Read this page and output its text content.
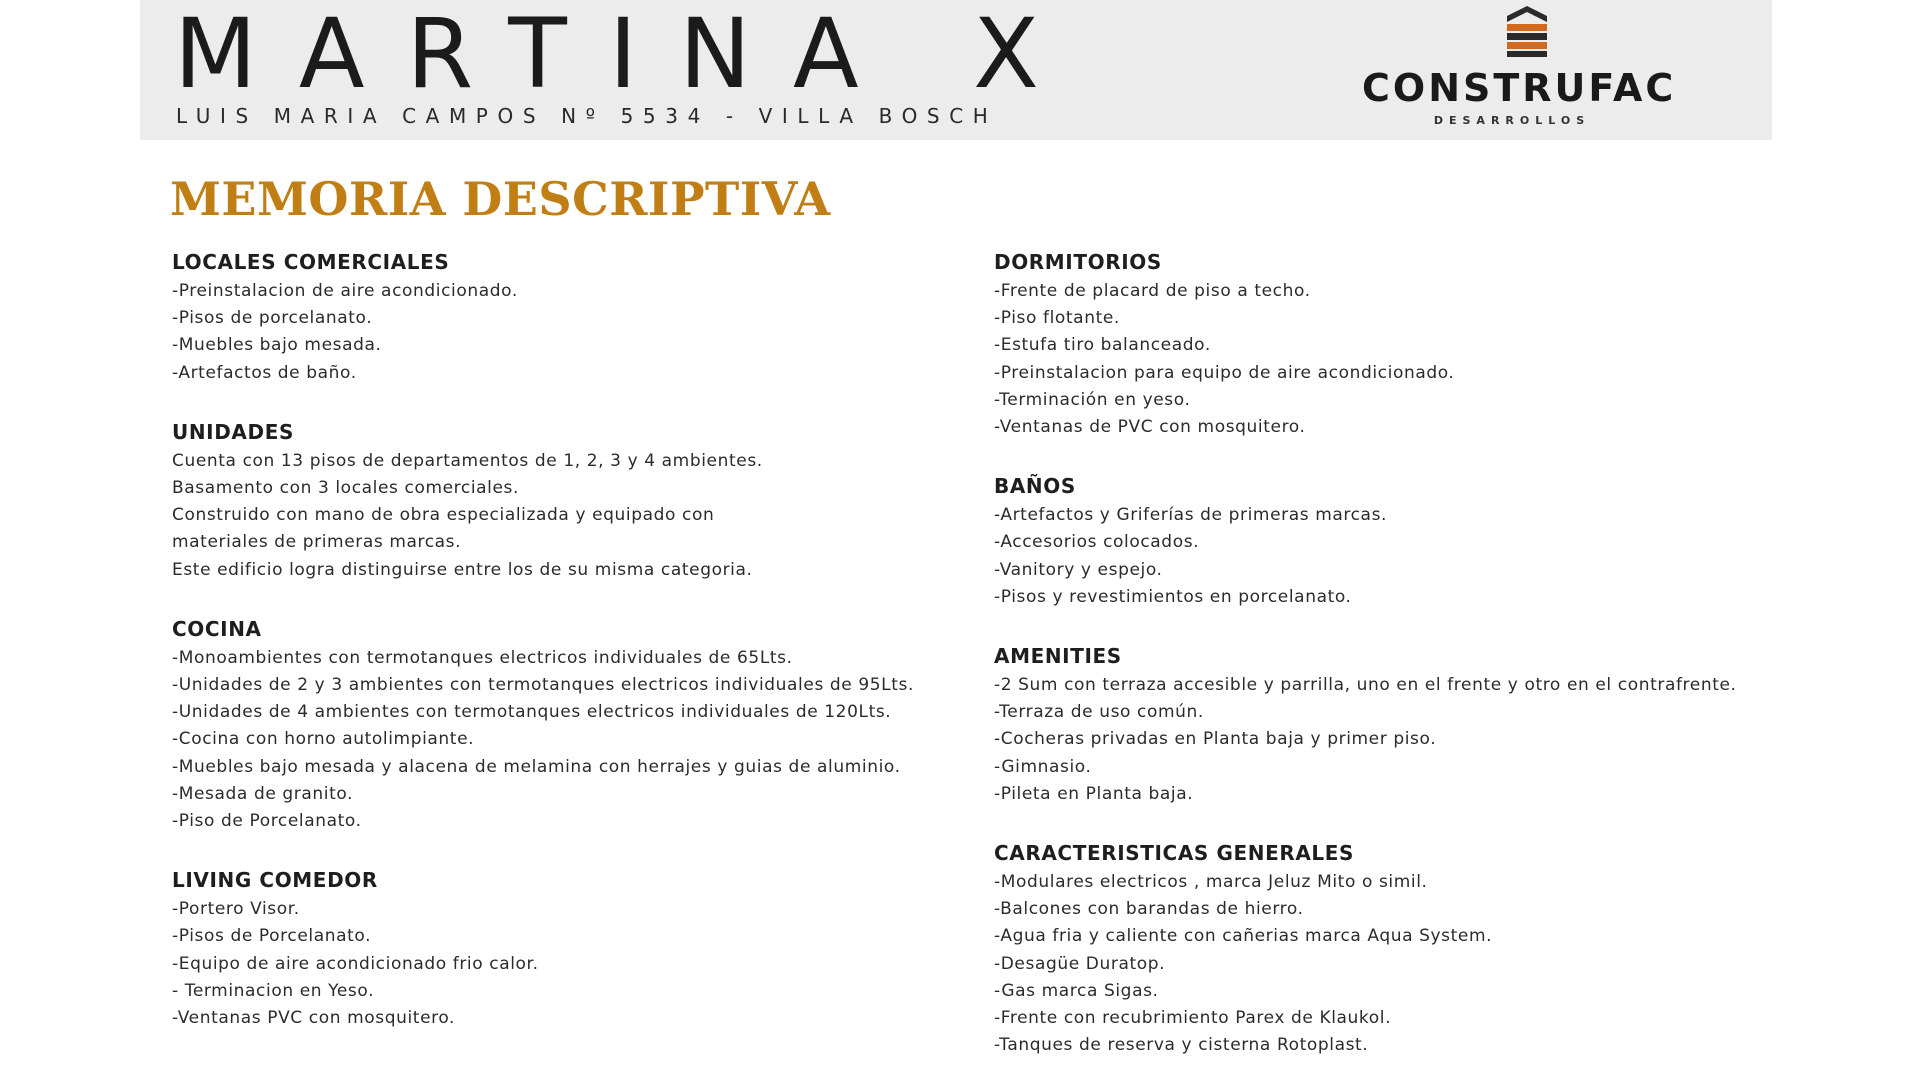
MARTINA X
LUIS MARIA CAMPOS Nº 5534 - VILLA BOSCH
CONSTRUFAC
DESARROLLOS
MEMORIA DESCRIPTIVA
LOCALES COMERCIALES
-Preinstalacion de aire acondicionado.
-Pisos de porcelanato.
-Muebles bajo mesada.
-Artefactos de baño.
UNIDADES
Cuenta con 13 pisos de departamentos de 1, 2, 3 y 4 ambientes.
Basamento con 3 locales comerciales.
Construido con mano de obra especializada y equipado con
materiales de primeras marcas.
Este edificio logra distinguirse entre los de su misma categoria.
COCINA
-Monoambientes con termotanques electricos individuales de 65Lts.
-Unidades de 2 y 3 ambientes con termotanques electricos individuales de 95Lts.
-Unidades de 4 ambientes con termotanques electricos individuales de 120Lts.
-Cocina con horno autolimpiante.
-Muebles bajo mesada y alacena de melamina con herrajes y guias de aluminio.
-Mesada de granito.
-Piso de Porcelanato.
LIVING COMEDOR
-Portero Visor.
-Pisos de Porcelanato.
-Equipo de aire acondicionado frio calor.
- Terminacion en Yeso.
-Ventanas PVC con mosquitero.
DORMITORIOS
-Frente de placard de piso a techo.
-Piso flotante.
-Estufa tiro balanceado.
-Preinstalacion para equipo de aire acondicionado.
-Terminación en yeso.
-Ventanas de PVC con mosquitero.
BAÑOS
-Artefactos y Griferías de primeras marcas.
-Accesorios colocados.
-Vanitory y espejo.
-Pisos y revestimientos en porcelanato.
AMENITIES
-2 Sum con terraza accesible y parrilla, uno en el frente y otro en el contrafrente.
-Terraza de uso común.
-Cocheras privadas en Planta baja y primer piso.
-Gimnasio.
-Pileta en Planta baja.
CARACTERISTICAS GENERALES
-Modulares electricos , marca Jeluz Mito o simil.
-Balcones con barandas de hierro.
-Agua fria y caliente con cañerias marca Aqua System.
-Desagüe Duratop.
-Gas marca Sigas.
-Frente con recubrimiento Parex de Klaukol.
-Tanques de reserva y cisterna Rotoplast.
